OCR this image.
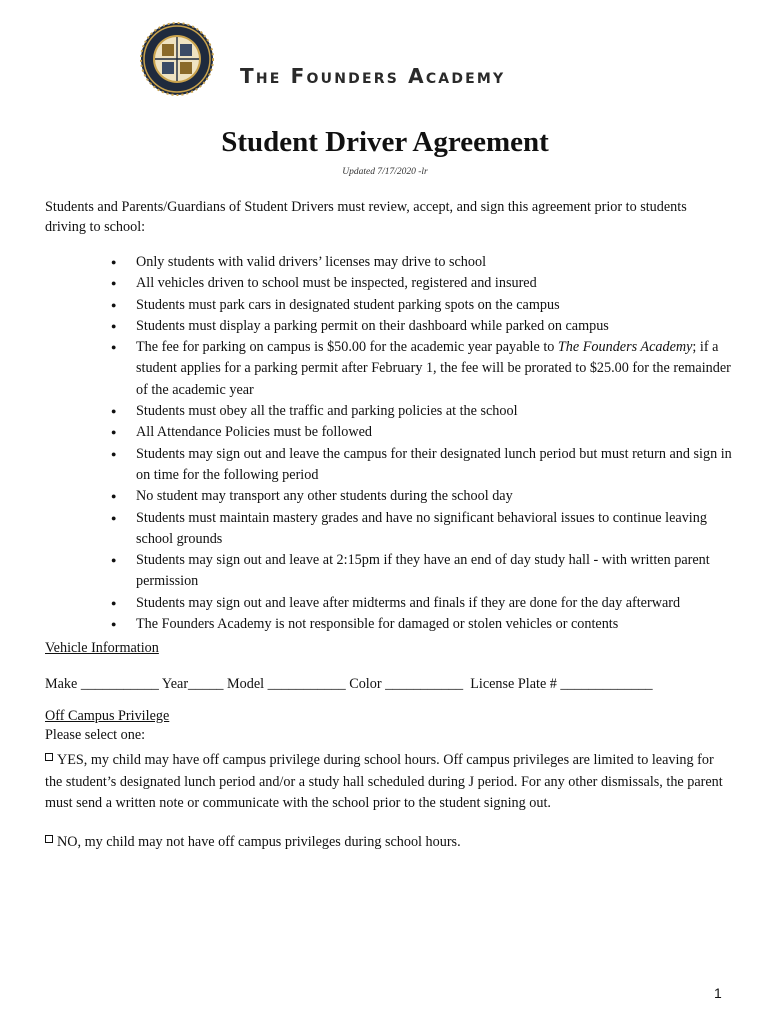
The Founders Academy
Student Driver Agreement
Updated 7/17/2020 -lr

Students and Parents/Guardians of Student Drivers must review, accept, and sign this agreement prior to students driving to school:

● Only students with valid drivers’ licenses may drive to school
● All vehicles driven to school must be inspected, registered and insured
● Students must park cars in designated student parking spots on the campus
● Students must display a parking permit on their dashboard while parked on campus
● The fee for parking on campus is $50.00 for the academic year payable to The Founders Academy; if a student applies for a parking permit after February 1, the fee will be prorated to $25.00 for the remainder of the academic year
● Students must obey all the traffic and parking policies at the school
● All Attendance Policies must be followed
● Students may sign out and leave the campus for their designated lunch period but must return and sign in on time for the following period
● No student may transport any other students during the school day
● Students must maintain mastery grades and have no significant behavioral issues to continue leaving school grounds
● Students may sign out and leave at 2:15pm if they have an end of day study hall - with written parent permission
● Students may sign out and leave after midterms and finals if they are done for the day afterward
● The Founders Academy is not responsible for damaged or stolen vehicles or contents
Vehicle Information
Make ___________ Year_____ Model ___________ Color ___________  License Plate # _____________
Off Campus Privilege
Please select one:
YES, my child may have off campus privilege during school hours. Off campus privileges are limited to leaving for the student’s designated lunch period and/or a study hall scheduled during J period. For any other dismissals, the parent must send a written note or communicate with the school prior to the student signing out.
NO, my child may not have off campus privileges during school hours.
1
